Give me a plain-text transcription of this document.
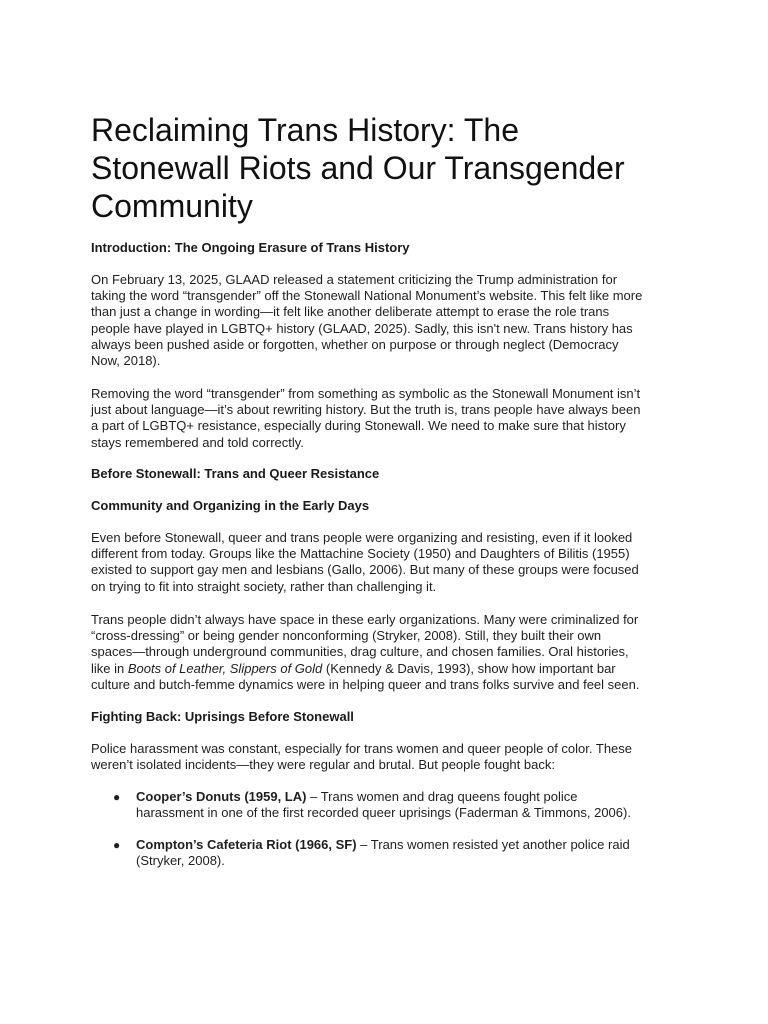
Reclaiming Trans History: The
Stonewall Riots and Our Transgender
Community

Introduction: The Ongoing Erasure of Trans History

On February 13, 2025, GLAAD released a statement criticizing the Trump administration for
taking the word “transgender” off the Stonewall National Monument’s website. This felt like more
than just a change in wording—it felt like another deliberate attempt to erase the role trans
people have played in LGBTQ+ history (GLAAD, 2025). Sadly, this isn't new. Trans history has
always been pushed aside or forgotten, whether on purpose or through neglect (Democracy
Now, 2018).
Removing the word “transgender” from something as symbolic as the Stonewall Monument isn’t
just about language—it’s about rewriting history. But the truth is, trans people have always been
a part of LGBTQ+ resistance, especially during Stonewall. We need to make sure that history
stays remembered and told correctly.

Before Stonewall: Trans and Queer Resistance

Community and Organizing in the Early Days

Even before Stonewall, queer and trans people were organizing and resisting, even if it looked
different from today. Groups like the Mattachine Society (1950) and Daughters of Bilitis (1955)
existed to support gay men and lesbians (Gallo, 2006). But many of these groups were focused
on trying to fit into straight society, rather than challenging it.
Trans people didn’t always have space in these early organizations. Many were criminalized for
“cross-dressing” or being gender nonconforming (Stryker, 2008). Still, they built their own
spaces—through underground communities, drag culture, and chosen families. Oral histories,
like in Boots of Leather, Slippers of Gold (Kennedy & Davis, 1993), show how important bar
culture and butch-femme dynamics were in helping queer and trans folks survive and feel seen.

Fighting Back: Uprisings Before Stonewall

Police harassment was constant, especially for trans women and queer people of color. These
weren’t isolated incidents—they were regular and brutal. But people fought back:
● Cooper’s Donuts (1959, LA) – Trans women and drag queens fought police
harassment in one of the first recorded queer uprisings (Faderman & Timmons, 2006).
● Compton’s Cafeteria Riot (1966, SF) – Trans women resisted yet another police raid
(Stryker, 2008).
